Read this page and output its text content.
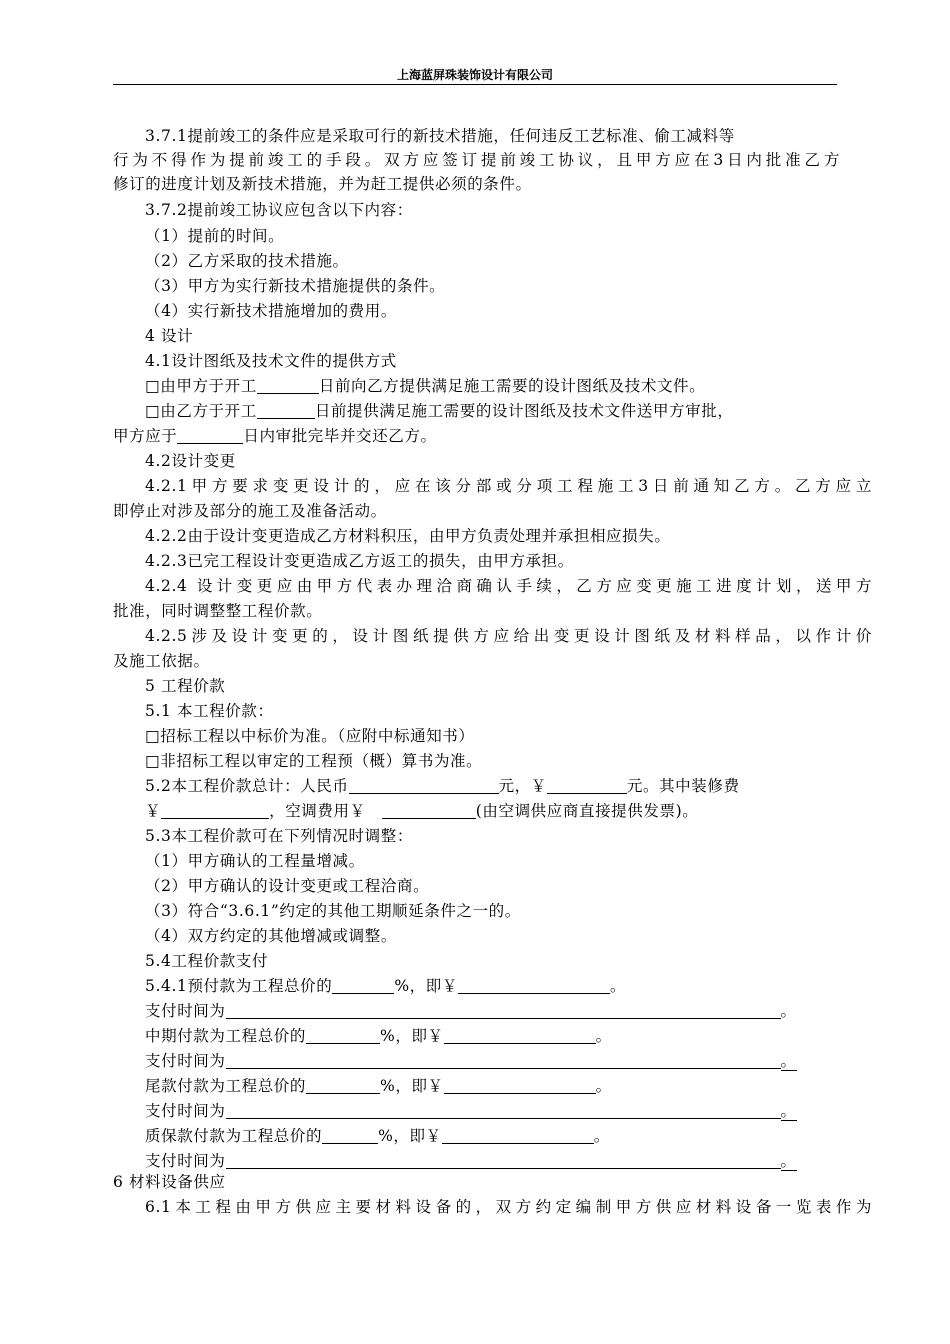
上海蓝屏珠装饰设计有限公司
3.7.1提前竣工的条件应是采取可行的新技术措施，任何违反工艺标准、偷工减料等
行为不得作为提前竣工的手段。双方应签订提前竣工协议，且甲方应在3日内批准乙方
修订的进度计划及新技术措施，并为赶工提供必须的条件。
3.7.2提前竣工协议应包含以下内容：
（1）提前的时间。
（2）乙方采取的技术措施。
（3）甲方为实行新技术措施提供的条件。
（4）实行新技术措施增加的费用。
4 设计
4.1设计图纸及技术文件的提供方式
□由甲方于开工	日前向乙方提供满足施工需要的设计图纸及技术文件。
□由乙方于开工	日前提供满足施工需要的设计图纸及技术文件送甲方审批，
甲方应于	日内审批完毕并交还乙方。
4.2设计变更
4.2.1甲方要求变更设计的，应在该分部或分项工程施工3日前通知乙方。乙方应立
即停止对涉及部分的施工及准备活动。
4.2.2由于设计变更造成乙方材料积压，由甲方负责处理并承担相应损失。
4.2.3已完工程设计变更造成乙方返工的损失，由甲方承担。
4.2.4 设计变更应由甲方代表办理洽商确认手续，乙方应变更施工进度计划，送甲方
批准，同时调整整工程价款。
4.2.5涉及设计变更的，设计图纸提供方应给出变更设计图纸及材料样品，以作计价
及施工依据。
5 工程价款
5.1 本工程价款：
□招标工程以中标价为准。（应附中标通知书）
□非招标工程以审定的工程预（概）算书为准。
5.2本工程价款总计：人民币	元，￥	元。其中装修费
￥	，空调费用￥	(由空调供应商直接提供发票)。
5.3本工程价款可在下列情况时调整：
（1）甲方确认的工程量增减。
（2）甲方确认的设计变更或工程洽商。
（3）符合“3.6.1”约定的其他工期顺延条件之一的。
（4）双方约定的其他增减或调整。
5.4工程价款支付
5.4.1预付款为工程总价的	%，即￥	。
支付时间为	。
中期付款为工程总价的	%，即￥	。
支付时间为	。
尾款付款为工程总价的	%，即￥	。
支付时间为	。
质保款付款为工程总价的	%，即￥	。
支付时间为	。
6 材料设备供应
6.1本工程由甲方供应主要材料设备的，双方约定编制甲方供应材料设备一览表作为
